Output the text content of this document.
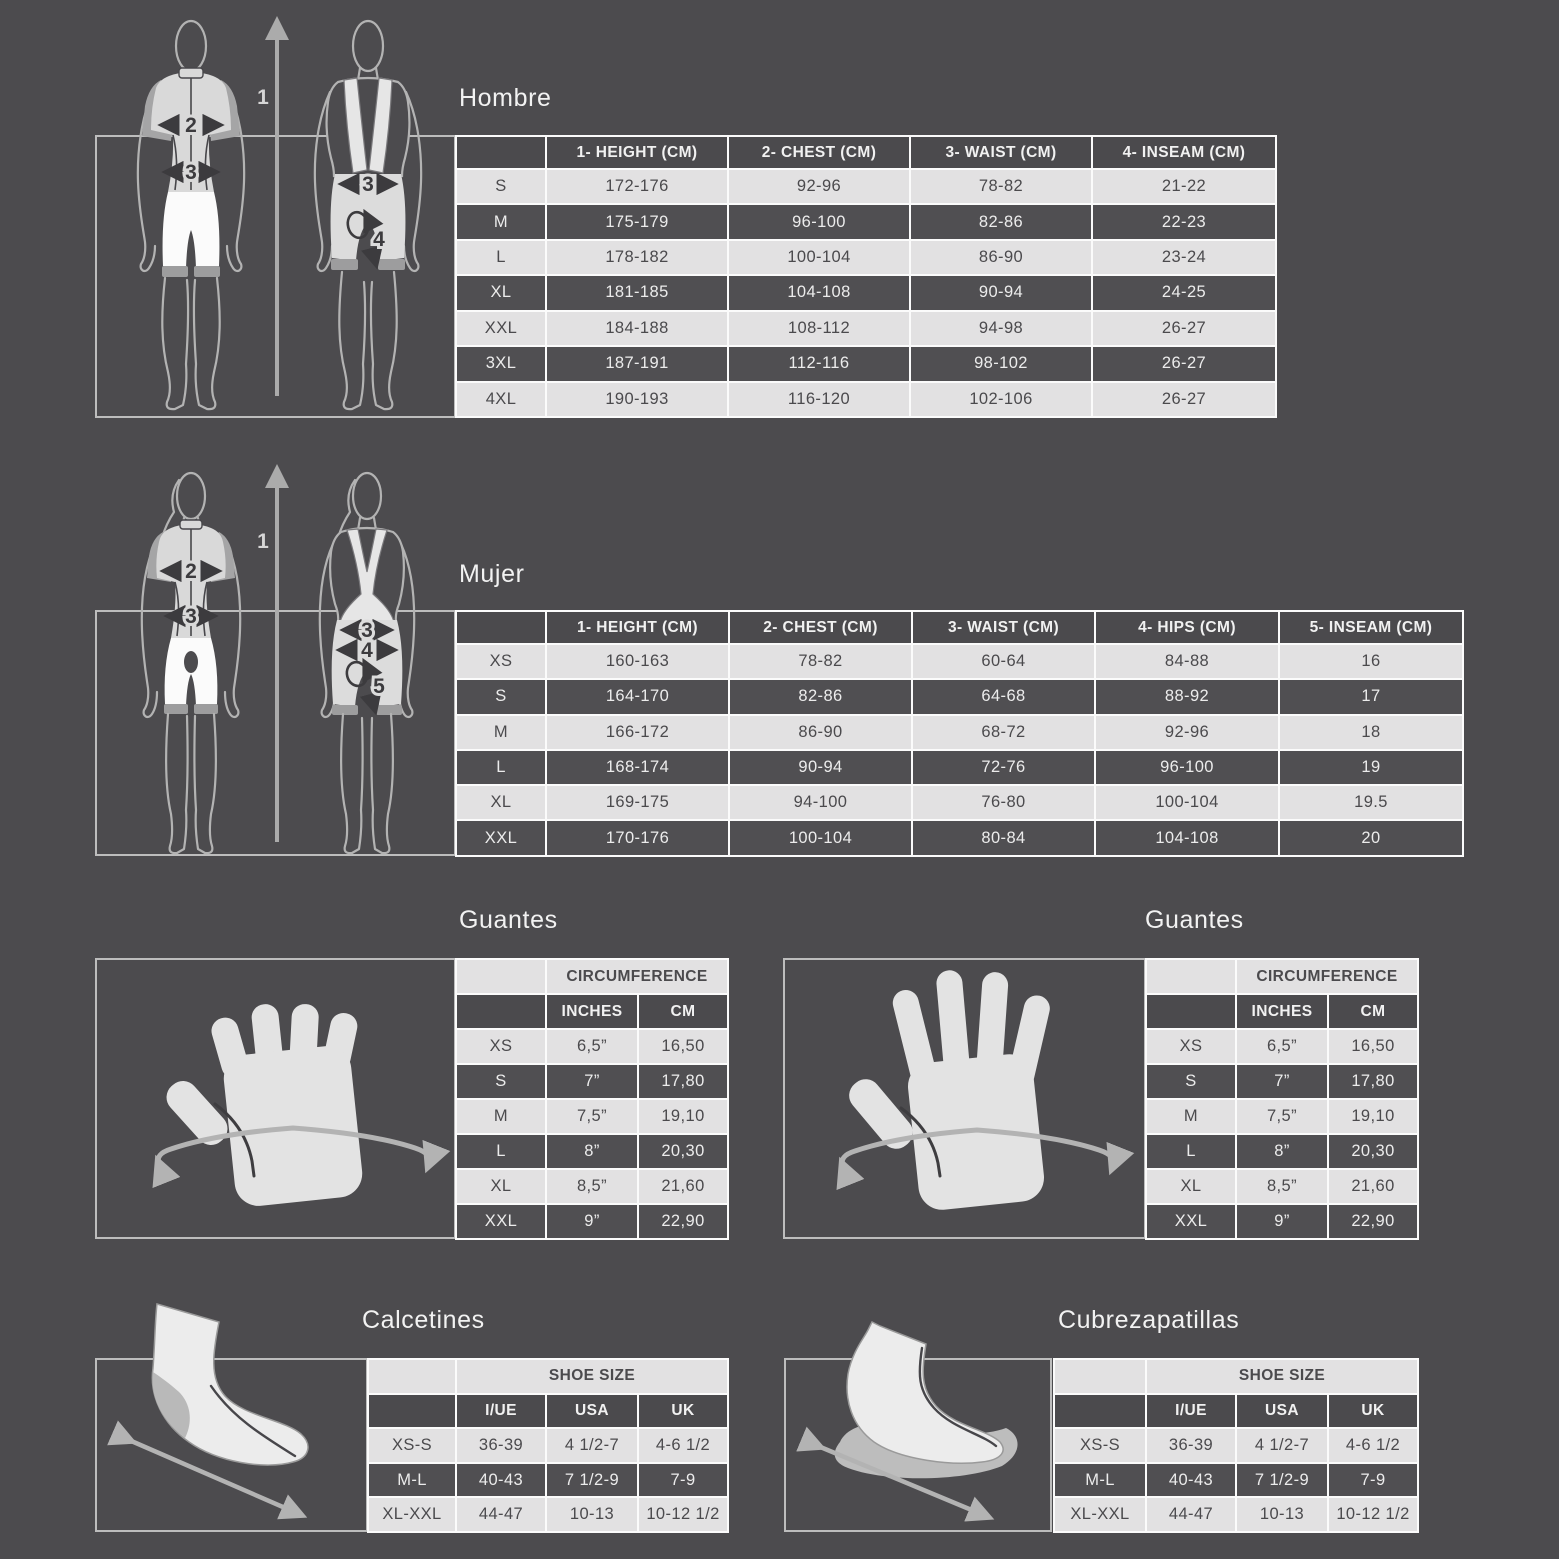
Hombre
	1- HEIGHT (CM)	2- CHEST (CM)	3- WAIST (CM)	4- INSEAM (CM)
S	172-176	92-96	78-82	21-22
M	175-179	96-100	82-86	22-23
L	178-182	100-104	86-90	23-24
XL	181-185	104-108	90-94	24-25
XXL	184-188	108-112	94-98	26-27
3XL	187-191	112-116	98-102	26-27
4XL	190-193	116-120	102-106	26-27
1
2
3
3
4
Mujer
	1- HEIGHT (CM)	2- CHEST (CM)	3- WAIST (CM)	4- HIPS (CM)	5- INSEAM (CM)
XS	160-163	78-82	60-64	84-88	16
S	164-170	82-86	64-68	88-92	17
M	166-172	86-90	68-72	92-96	18
L	168-174	90-94	72-76	96-100	19
XL	169-175	94-100	76-80	100-104	19.5
XXL	170-176	100-104	80-84	104-108	20
1
2
3
3
4
5
Guantes
	CIRCUMFERENCE	
	INCHES	CM
XS	6,5”	16,50
S	7”	17,80
M	7,5”	19,10
L	8”	20,30
XL	8,5”	21,60
XXL	9”	22,90
Guantes
	CIRCUMFERENCE	
	INCHES	CM
XS	6,5”	16,50
S	7”	17,80
M	7,5”	19,10
L	8”	20,30
XL	8,5”	21,60
XXL	9”	22,90
Calcetines
	SHOE SIZE		
	I/UE	USA	UK
XS-S	36-39	4 1/2-7	4-6 1/2
M-L	40-43	7 1/2-9	7-9
XL-XXL	44-47	10-13	10-12 1/2
Cubrezapatillas
	SHOE SIZE		
	I/UE	USA	UK
XS-S	36-39	4 1/2-7	4-6 1/2
M-L	40-43	7 1/2-9	7-9
XL-XXL	44-47	10-13	10-12 1/2
